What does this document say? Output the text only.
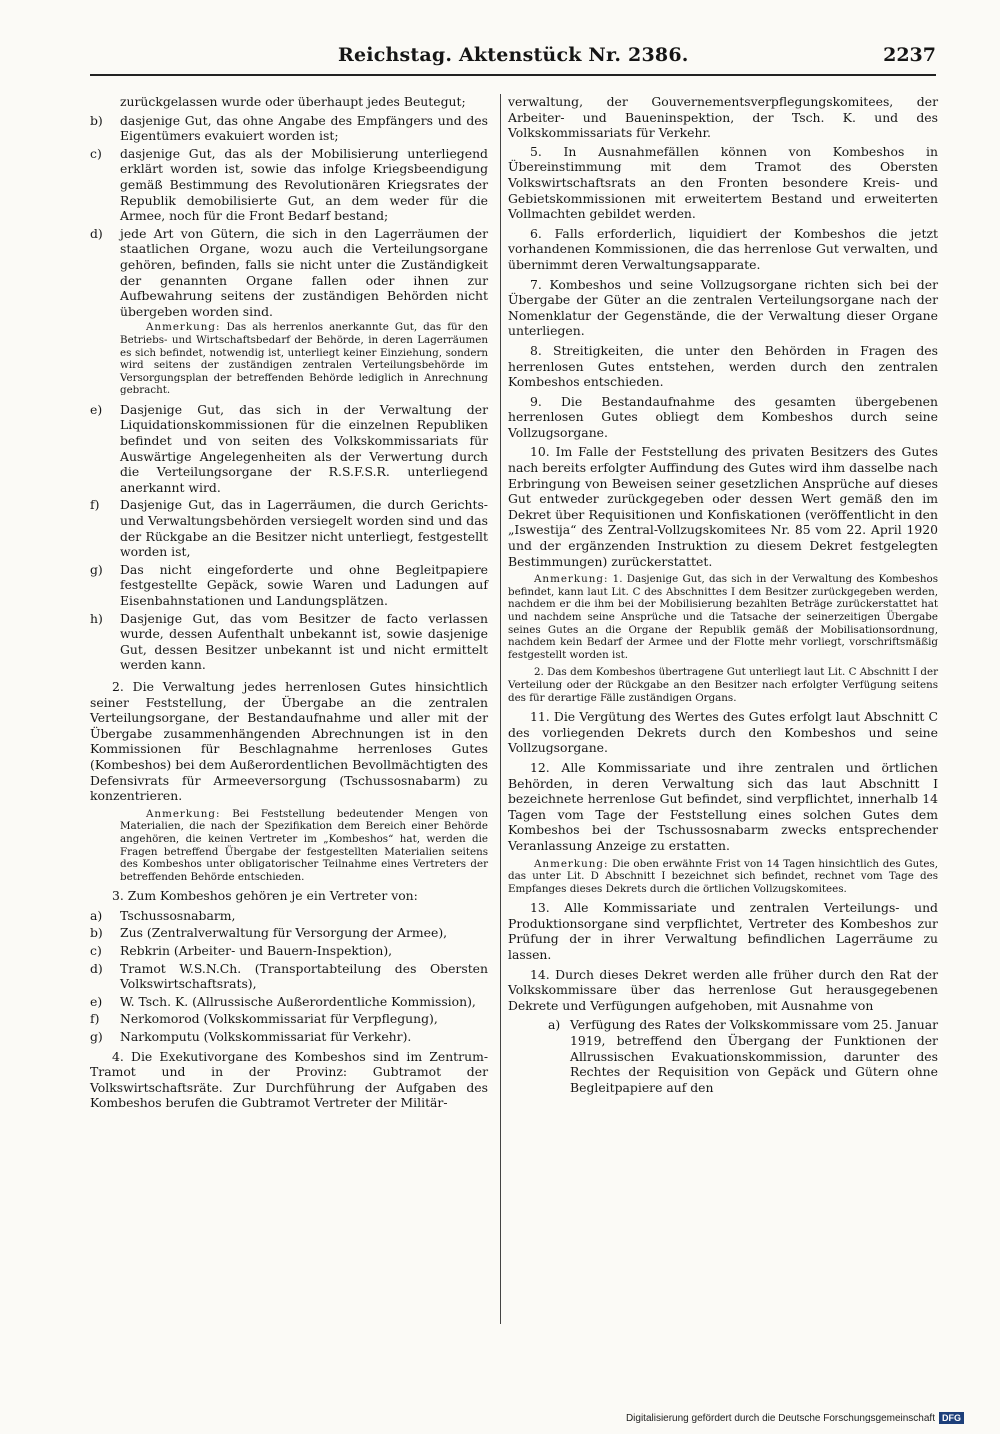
Reichstag. Aktenstück Nr. 2386.	2237

zurückgelassen wurde oder überhaupt jedes Beutegut;

b)	dasjenige Gut, das ohne Angabe des Empfängers und des Eigentümers evakuiert worden ist;
c)	dasjenige Gut, das als der Mobilisierung unterliegend erklärt worden ist, sowie das infolge Kriegsbeendigung gemäß Bestimmung des Revolutionären Kriegsrates der Republik demobilisierte Gut, an dem weder für die Armee, noch für die Front Bedarf bestand;
d)	jede Art von Gütern, die sich in den Lagerräumen der staatlichen Organe, wozu auch die Verteilungsorgane gehören, befinden, falls sie nicht unter die Zuständigkeit der genannten Organe fallen oder ihnen zur Aufbewahrung seitens der zuständigen Behörden nicht übergeben worden sind.

Anmerkung: Das als herrenlos anerkannte Gut, das für den Betriebs- und Wirtschaftsbedarf der Behörde, in deren Lagerräumen es sich befindet, notwendig ist, unterliegt keiner Einziehung, sondern wird seitens der zuständigen zentralen Verteilungsbehörde im Versorgungsplan der betreffenden Behörde lediglich in Anrechnung gebracht.

e)	Dasjenige Gut, das sich in der Verwaltung der Liquidationskommissionen für die einzelnen Republiken befindet und von seiten des Volkskommissariats für Auswärtige Angelegenheiten als der Verwertung durch die Verteilungsorgane der R.S.F.S.R. unterliegend anerkannt wird.
f)	Dasjenige Gut, das in Lagerräumen, die durch Gerichts- und Verwaltungsbehörden versiegelt worden sind und das der Rückgabe an die Besitzer nicht unterliegt, festgestellt worden ist,
g)	Das nicht eingeforderte und ohne Begleitpapiere festgestellte Gepäck, sowie Waren und Ladungen auf Eisenbahnstationen und Landungsplätzen.
h)	Dasjenige Gut, das vom Besitzer de facto verlassen wurde, dessen Aufenthalt unbekannt ist, sowie dasjenige Gut, dessen Besitzer unbekannt ist und nicht ermittelt werden kann.

2. Die Verwaltung jedes herrenlosen Gutes hinsichtlich seiner Feststellung, der Übergabe an die zentralen Verteilungsorgane, der Bestandaufnahme und aller mit der Übergabe zusammenhängenden Abrechnungen ist in den Kommissionen für Beschlagnahme herrenloses Gutes (Kombeshos) bei dem Außerordentlichen Bevollmächtigten des Defensivrats für Armeeversorgung (Tschussosnabarm) zu konzentrieren.

Anmerkung: Bei Feststellung bedeutender Mengen von Materialien, die nach der Spezifikation dem Bereich einer Behörde angehören, die keinen Vertreter im „Kombeshos“ hat, werden die Fragen betreffend Übergabe der festgestellten Materialien seitens des Kombeshos unter obligatorischer Teilnahme eines Vertreters der betreffenden Behörde entschieden.

3. Zum Kombeshos gehören je ein Vertreter von:

a)	Tschussosnabarm,
b)	Zus (Zentralverwaltung für Versorgung der Armee),
c)	Rebkrin (Arbeiter- und Bauern-Inspektion),
d)	Tramot W.S.N.Ch. (Transportabteilung des Obersten Volkswirtschaftsrats),
e)	W. Tsch. K. (Allrussische Außerordentliche Kommission),
f)	Nerkomorod (Volkskommissariat für Verpflegung),
g)	Narkomputu (Volkskommissariat für Verkehr).

4. Die Exekutivorgane des Kombeshos sind im Zentrum-Tramot und in der Provinz: Gubtramot der Volkswirtschaftsräte. Zur Durchführung der Aufgaben des Kombeshos berufen die Gubtramot Vertreter der Militär-

verwaltung, der Gouvernementsverpflegungskomitees, der Arbeiter- und Baueninspektion, der Tsch. K. und des Volkskommissariats für Verkehr.

5. In Ausnahmefällen können von Kombeshos in Übereinstimmung mit dem Tramot des Obersten Volkswirtschaftsrats an den Fronten besondere Kreis- und Gebietskommissionen mit erweitertem Bestand und erweiterten Vollmachten gebildet werden.

6. Falls erforderlich, liquidiert der Kombeshos die jetzt vorhandenen Kommissionen, die das herrenlose Gut verwalten, und übernimmt deren Verwaltungsapparate.

7. Kombeshos und seine Vollzugsorgane richten sich bei der Übergabe der Güter an die zentralen Verteilungsorgane nach der Nomenklatur der Gegenstände, die der Verwaltung dieser Organe unterliegen.

8. Streitigkeiten, die unter den Behörden in Fragen des herrenlosen Gutes entstehen, werden durch den zentralen Kombeshos entschieden.

9. Die Bestandaufnahme des gesamten übergebenen herrenlosen Gutes obliegt dem Kombeshos durch seine Vollzugsorgane.

10. Im Falle der Feststellung des privaten Besitzers des Gutes nach bereits erfolgter Auffindung des Gutes wird ihm dasselbe nach Erbringung von Beweisen seiner gesetzlichen Ansprüche auf dieses Gut entweder zurückgegeben oder dessen Wert gemäß den im Dekret über Requisitionen und Konfiskationen (veröffentlicht in den „Iswestija“ des Zentral-Vollzugskomitees Nr. 85 vom 22. April 1920 und der ergänzenden Instruktion zu diesem Dekret festgelegten Bestimmungen) zurückerstattet.

Anmerkung: 1. Dasjenige Gut, das sich in der Verwaltung des Kombeshos befindet, kann laut Lit. C des Abschnittes I dem Besitzer zurückgegeben werden, nachdem er die ihm bei der Mobilisierung bezahlten Beträge zurückerstattet hat und nachdem seine Ansprüche und die Tatsache der seinerzeitigen Übergabe seines Gutes an die Organe der Republik gemäß der Mobilisationsordnung, nachdem kein Bedarf der Armee und der Flotte mehr vorliegt, vorschriftsmäßig festgestellt worden ist.

2. Das dem Kombeshos übertragene Gut unterliegt laut Lit. C Abschnitt I der Verteilung oder der Rückgabe an den Besitzer nach erfolgter Verfügung seitens des für derartige Fälle zuständigen Organs.

11. Die Vergütung des Wertes des Gutes erfolgt laut Abschnitt C des vorliegenden Dekrets durch den Kombeshos und seine Vollzugsorgane.

12. Alle Kommissariate und ihre zentralen und örtlichen Behörden, in deren Verwaltung sich das laut Abschnitt I bezeichnete herrenlose Gut befindet, sind verpflichtet, innerhalb 14 Tagen vom Tage der Feststellung eines solchen Gutes dem Kombeshos bei der Tschussosnabarm zwecks entsprechender Veranlassung Anzeige zu erstatten.

Anmerkung: Die oben erwähnte Frist von 14 Tagen hinsichtlich des Gutes, das unter Lit. D Abschnitt I bezeichnet sich befindet, rechnet vom Tage des Empfanges dieses Dekrets durch die örtlichen Vollzugskomitees.

13. Alle Kommissariate und zentralen Verteilungs- und Produktionsorgane sind verpflichtet, Vertreter des Kombeshos zur Prüfung der in ihrer Verwaltung befindlichen Lagerräume zu lassen.

14. Durch dieses Dekret werden alle früher durch den Rat der Volkskommissare über das herrenlose Gut herausgegebenen Dekrete und Verfügungen aufgehoben, mit Ausnahme von

a) Verfügung des Rates der Volkskommissare vom 25. Januar 1919, betreffend den Übergang der Funktionen der Allrussischen Evakuationskommission, darunter des Rechtes der Requisition von Gepäck und Gütern ohne Begleitpapiere auf den
Digitalisierung gefördert durch die Deutsche Forschungsgemeinschaft DFG
